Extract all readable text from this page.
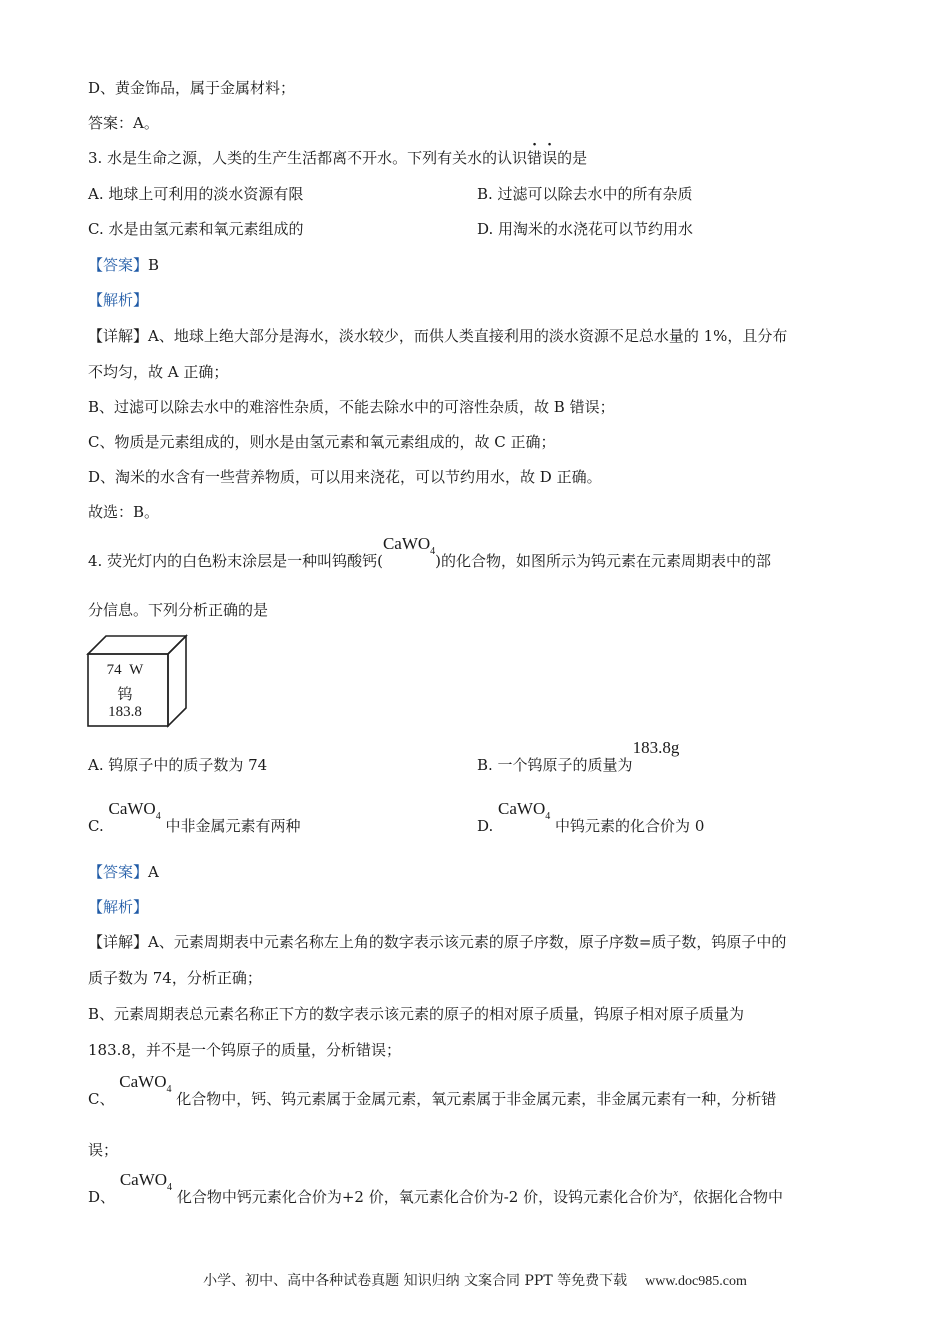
D、黄金饰品，属于金属材料；
答案：A。
3. 水是生命之源，人类的生产生活都离不开水。下列有关水的认识错误的是
A. 地球上可利用的淡水资源有限	B. 过滤可以除去水中的所有杂质
C. 水是由氢元素和氧元素组成的	D. 用淘米的水浇花可以节约用水
【答案】B
【解析】
【详解】A、地球上绝大部分是海水，淡水较少，而供人类直接利用的淡水资源不足总水量的 1%，且分布
不均匀，故 A 正确；
B、过滤可以除去水中的难溶性杂质，不能去除水中的可溶性杂质，故 B 错误；
C、物质是元素组成的，则水是由氢元素和氧元素组成的，故 C 正确；
D、淘米的水含有一些营养物质，可以用来浇花，可以节约用水，故 D 正确。
故选：B。
4. 荧光灯内的白色粉末涂层是一种叫钨酸钙(CaWO$^4$)的化合物，如图所示为钨元素在元素周期表中的部
分信息。下列分析正确的是
74 W
钨
183.8
A. 钨原子中的质子数为 74	B. 一个钨原子的质量为183.8g
C. CaWO$^4$ 中非金属元素有两种	D. CaWO$^4$ 中钨元素的化合价为 0
【答案】A
【解析】
【详解】A、元素周期表中元素名称左上角的数字表示该元素的原子序数，原子序数=质子数，钨原子中的
质子数为 74，分析正确；
B、元素周期表总元素名称正下方的数字表示该元素的原子的相对原子质量，钨原子相对原子质量为
183.8，并不是一个钨原子的质量，分析错误；
C、 CaWO$^4$ 化合物中，钙、钨元素属于金属元素，氧元素属于非金属元素，非金属元素有一种，分析错
误；
D、 CaWO$^4$ 化合物中钙元素化合价为+2 价，氧元素化合价为-2 价，设钨元素化合价为$^x$，依据化合物中
小学、初中、高中各种试卷真题 知识归纳 文案合同 PPT 等免费下载 www.doc985.com
